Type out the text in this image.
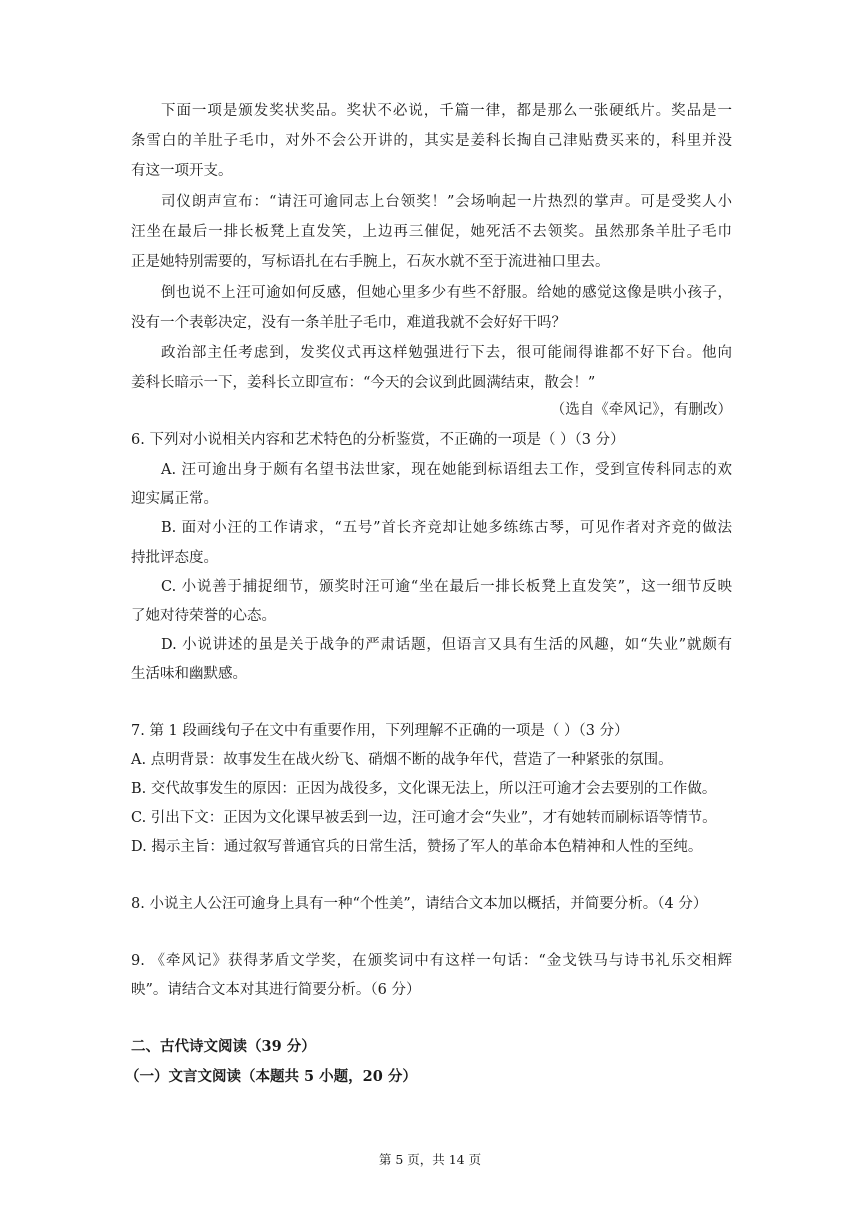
下面一项是颁发奖状奖品。奖状不必说，千篇一律，都是那么一张硬纸片。奖品是一
条雪白的羊肚子毛巾，对外不会公开讲的，其实是姜科长掏自己津贴费买来的，科里并没
有这一项开支。
司仪朗声宣布：“请汪可逾同志上台领奖！”会场响起一片热烈的掌声。可是受奖人小
汪坐在最后一排长板凳上直发笑，上边再三催促，她死活不去领奖。虽然那条羊肚子毛巾
正是她特别需要的，写标语扎在右手腕上，石灰水就不至于流进袖口里去。
倒也说不上汪可逾如何反感，但她心里多少有些不舒服。给她的感觉这像是哄小孩子，
没有一个表彰决定，没有一条羊肚子毛巾，难道我就不会好好干吗？
政治部主任考虑到，发奖仪式再这样勉强进行下去，很可能闹得谁都不好下台。他向
姜科长暗示一下，姜科长立即宣布：“今天的会议到此圆满结束，散会！”
（选自《牵风记》，有删改）
6. 下列对小说相关内容和艺术特色的分析鉴赏，不正确的一项是（ ）（3 分）
A. 汪可逾出身于颇有名望书法世家，现在她能到标语组去工作，受到宣传科同志的欢
迎实属正常。
B. 面对小汪的工作请求，“五号”首长齐竞却让她多练练古琴，可见作者对齐竞的做法
持批评态度。
C. 小说善于捕捉细节，颁奖时汪可逾“坐在最后一排长板凳上直发笑”，这一细节反映
了她对待荣誉的心态。
D. 小说讲述的虽是关于战争的严肃话题，但语言又具有生活的风趣，如“失业”就颇有
生活味和幽默感。
7. 第 1 段画线句子在文中有重要作用，下列理解不正确的一项是（ ）（3 分）
A. 点明背景：故事发生在战火纷飞、硝烟不断的战争年代，营造了一种紧张的氛围。
B. 交代故事发生的原因：正因为战役多，文化课无法上，所以汪可逾才会去要别的工作做。
C. 引出下文：正因为文化课早被丢到一边，汪可逾才会“失业”，才有她转而刷标语等情节。
D. 揭示主旨：通过叙写普通官兵的日常生活，赞扬了军人的革命本色精神和人性的至纯。
8. 小说主人公汪可逾身上具有一种“个性美”，请结合文本加以概括，并简要分析。（4 分）
9. 《牵风记》获得茅盾文学奖，在颁奖词中有这样一句话：“金戈铁马与诗书礼乐交相辉
映”。请结合文本对其进行简要分析。（6 分）
二、古代诗文阅读（39 分）
（一）文言文阅读（本题共 5 小题，20 分）
第 5 页，共 14 页
